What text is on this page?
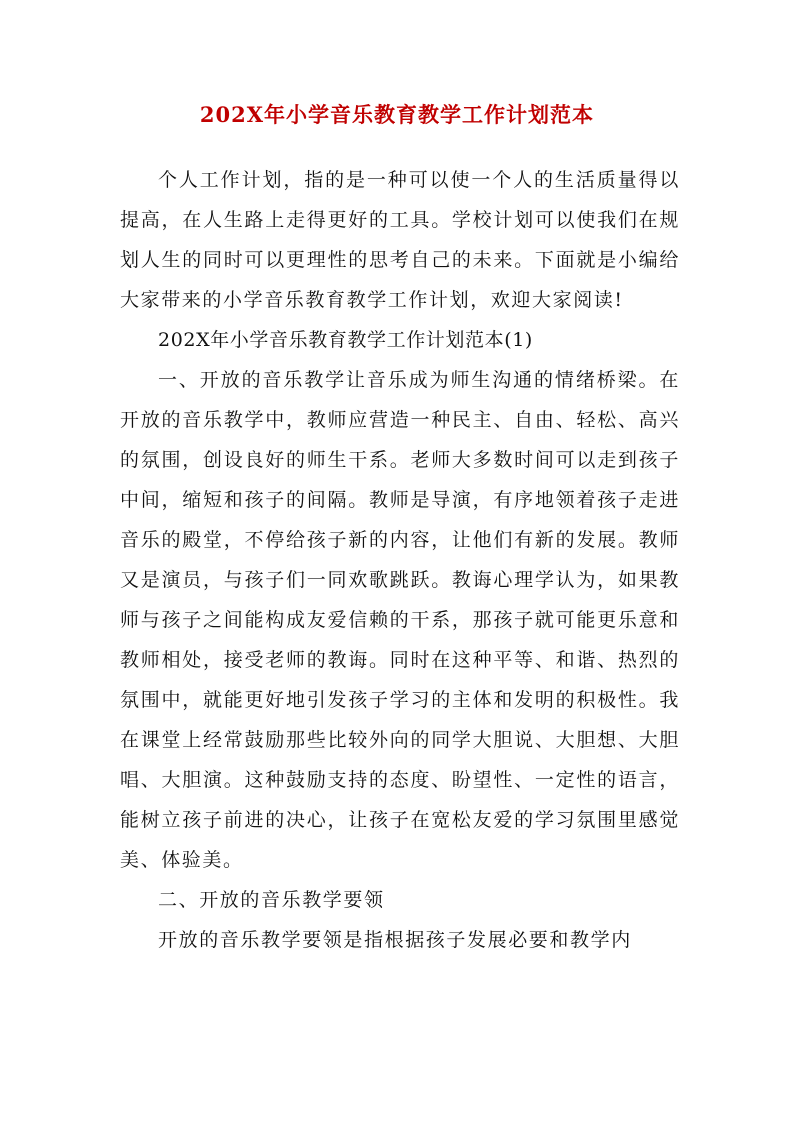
202X年小学音乐教育教学工作计划范本

个人工作计划，指的是一种可以使一个人的生活质量得以提高，在人生路上走得更好的工具。学校计划可以使我们在规划人生的同时可以更理性的思考自己的未来。下面就是小编给大家带来的小学音乐教育教学工作计划，欢迎大家阅读!

202X年小学音乐教育教学工作计划范本(1)

一、开放的音乐教学让音乐成为师生沟通的情绪桥梁。在开放的音乐教学中，教师应营造一种民主、自由、轻松、高兴的氛围，创设良好的师生干系。老师大多数时间可以走到孩子中间，缩短和孩子的间隔。教师是导演，有序地领着孩子走进音乐的殿堂，不停给孩子新的内容，让他们有新的发展。教师又是演员，与孩子们一同欢歌跳跃。教诲心理学认为，如果教师与孩子之间能构成友爱信赖的干系，那孩子就可能更乐意和教师相处，接受老师的教诲。同时在这种平等、和谐、热烈的氛围中，就能更好地引发孩子学习的主体和发明的积极性。我在课堂上经常鼓励那些比较外向的同学大胆说、大胆想、大胆唱、大胆演。这种鼓励支持的态度、盼望性、一定性的语言，能树立孩子前进的决心，让孩子在宽松友爱的学习氛围里感觉美、体验美。

二、开放的音乐教学要领

开放的音乐教学要领是指根据孩子发展必要和教学内
